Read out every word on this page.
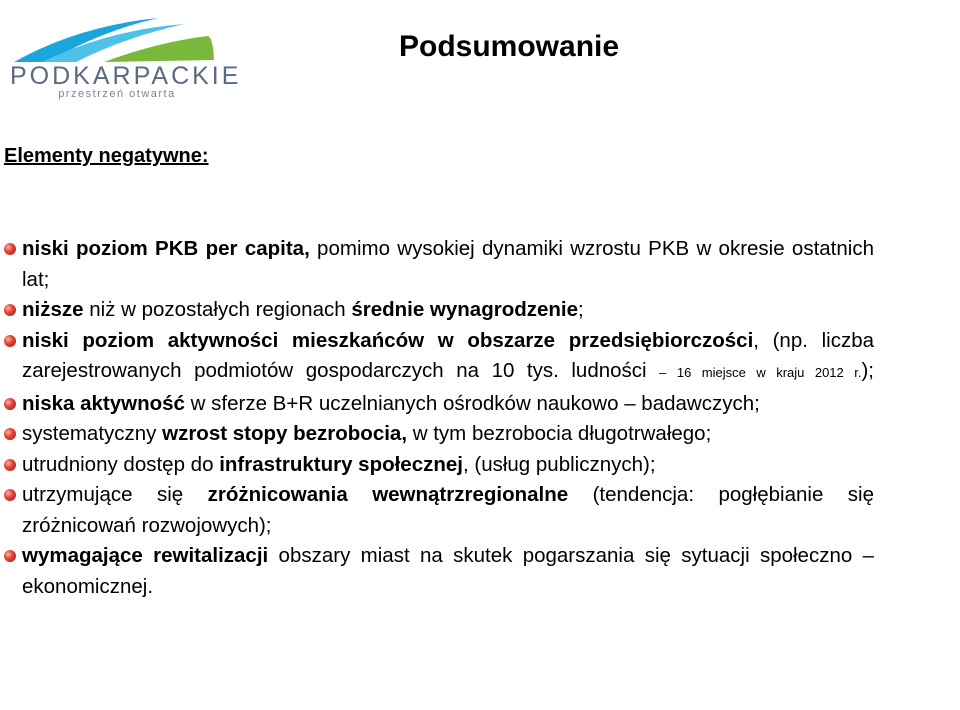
PODKARPACKIE
przestrzeń otwarta
Podsumowanie
Elementy negatywne:
niski poziom PKB per capita, pomimo wysokiej dynamiki wzrostu PKB w okresie ostatnich lat;
niższe niż w pozostałych regionach średnie wynagrodzenie;
niski poziom aktywności mieszkańców w obszarze przedsiębiorczości, (np. liczba zarejestrowanych podmiotów gospodarczych na 10 tys. ludności – 16 miejsce w kraju 2012 r.);
niska aktywność w sferze B+R uczelnianych ośrodków naukowo – badawczych;
systematyczny wzrost stopy bezrobocia, w tym bezrobocia długotrwałego;
utrudniony dostęp do infrastruktury społecznej, (usług publicznych);
utrzymujące się zróżnicowania wewnątrzregionalne (tendencja: pogłębianie się zróżnicowań rozwojowych);
wymagające rewitalizacji obszary miast na skutek pogarszania się sytuacji społeczno – ekonomicznej.
